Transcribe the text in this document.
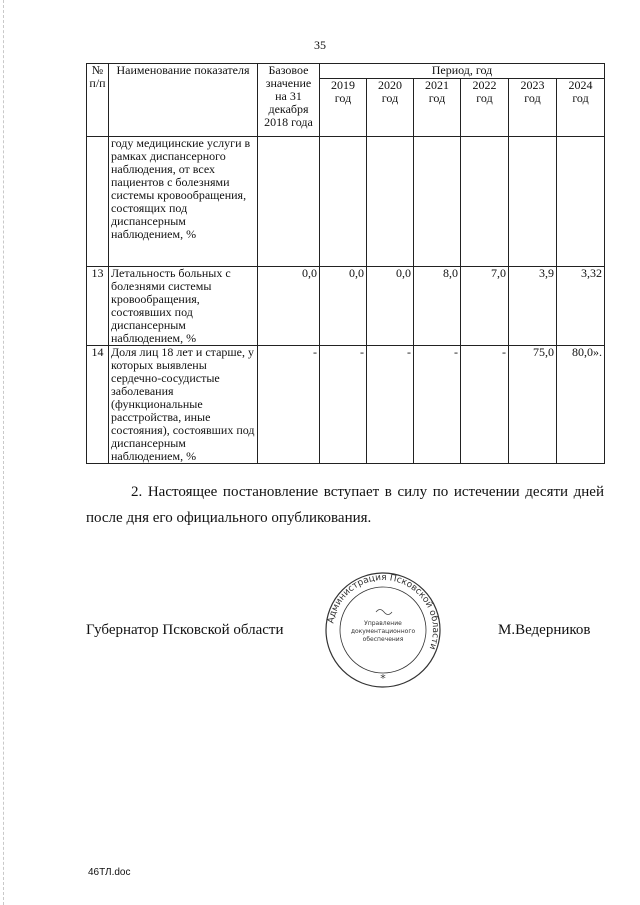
35
№ п/п	Наименование показателя	Базовое значение на 31 декабря 2018 года	Период, год					
			2019 год	2020 год	2021 год	2022 год	2023 год	2024 год
	году медицинские услуги в рамках диспансерного наблюдения, от всех пациентов с болезнями системы кровообращения, состоящих под диспансерным наблюдением, %							
13	Летальность больных с болезнями системы кровообращения, состоявших под диспансерным наблюдением, %	0,0	0,0	0,0	8,0	7,0	3,9	3,32
14	Доля лиц 18 лет и старше, у которых выявлены сердечно-сосудистые заболевания (функциональные расстройства, иные состояния), состоявших под диспансерным наблюдением, %	-	-	-	-	-	75,0	80,0».

2. Настоящее постановление вступает в силу по истечении десяти дней после дня его официального опубликования.

Губернатор Псковской области
Администрация Псковской области
Управление
документационного
обеспечения
*
М.Ведерников
46ТЛ.doc
